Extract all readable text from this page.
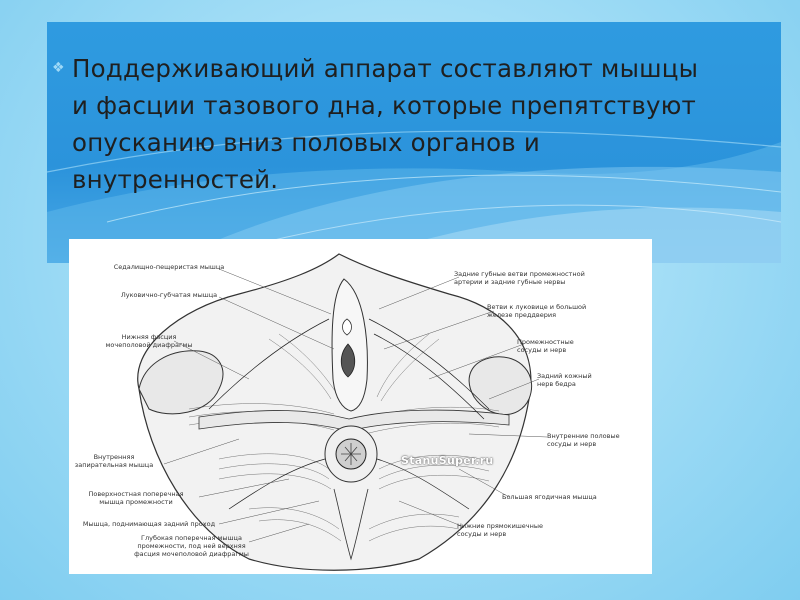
❖ Поддерживающий аппарат составляют мышцы и фасции тазового дна, которые препятствуют опусканию вниз половых органов и внутренностей.

Седалищно-пещеристая мышца
Луковично-губчатая мышца
Нижняя фасция
мочеполовой диафрагмы
Внутренняя
запирательная мышца
Поверхностная поперечная
мышца промежности
Мышца, поднимающая задний проход
Глубокая поперечная мышца
промежности, под ней верхняя
фасция мочеполовой диафрагмы
Задние губные ветви промежностной
артерии и задние губные нервы
Ветви к луковице и большой
железе преддверия
Промежностные
сосуды и нерв
Задний кожный
нерв бедра
Внутренние половые
сосуды и нерв
Большая ягодичная мышца
Нижние прямокишечные
сосуды и нерв
StanuSuper.ru
